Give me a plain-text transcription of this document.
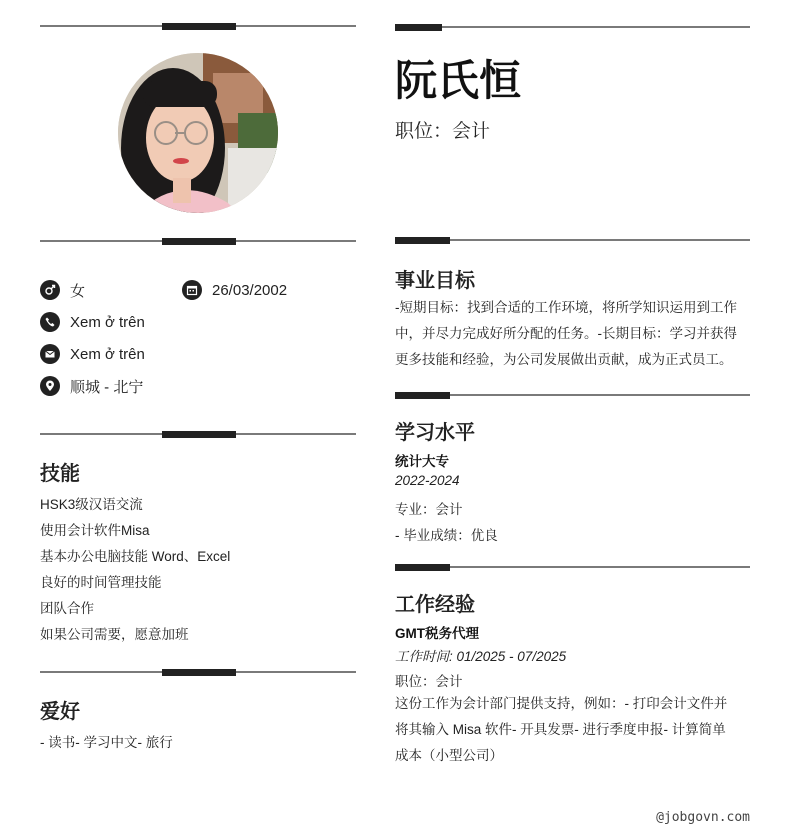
女	26/03/2002
Xem ở trên
Xem ở trên
顺城 - 北宁
技能
HSK3级汉语交流
使用会计软件Misa
基本办公电脑技能 Word、Excel
良好的时间管理技能
团队合作
如果公司需要，愿意加班
爱好
- 读书- 学习中文- 旅行
阮氏恒
职位：会计
事业目标
-短期目标：找到合适的工作环境，将所学知识运用到工作
中，并尽力完成好所分配的任务。-长期目标：学习并获得
更多技能和经验，为公司发展做出贡献，成为正式员工。
学习水平
统计大专
2022-2024
专业：会计
- 毕业成绩：优良
工作经验
GMT税务代理
工作时间: 01/2025 - 07/2025
职位：会计
这份工作为会计部门提供支持，例如：- 打印会计文件并
将其输入 Misa 软件- 开具发票- 进行季度申报- 计算简单
成本（小型公司）
@jobgovn.com
